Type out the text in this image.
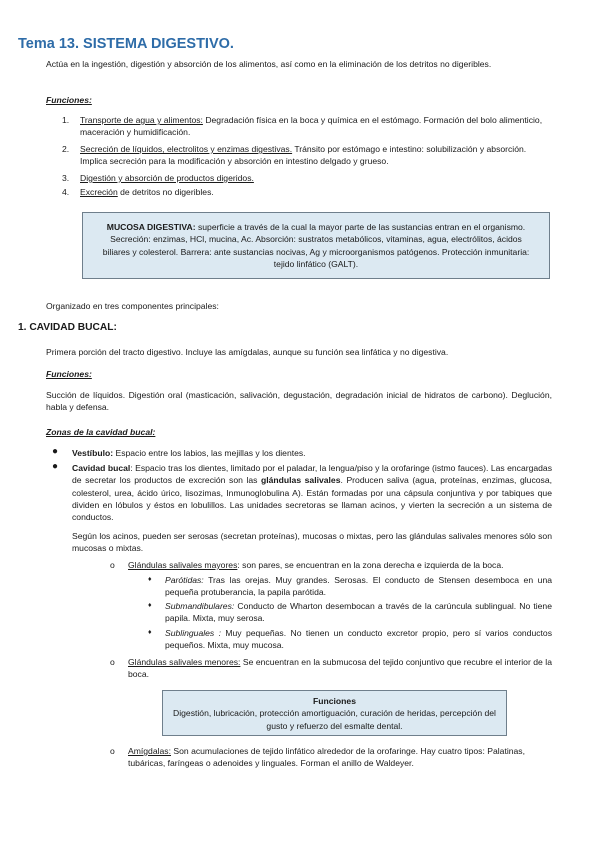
Tema 13. SISTEMA DIGESTIVO.
Actúa en la ingestión, digestión y absorción de los alimentos, así como en la eliminación de los detritos no digeribles.
Funciones:
1. Transporte de agua y alimentos: Degradación física en la boca y química en el estómago. Formación del bolo alimenticio, maceración y humidificación.
2. Secreción de líquidos, electrolitos y enzimas digestivas. Tránsito por estómago e intestino: solubilización y absorción. Implica secreción para la modificación y absorción en intestino delgado y grueso.
3. Digestión y absorción de productos digeridos.
4. Excreción de detritos no digeribles.
MUCOSA DIGESTIVA: superficie a través de la cual la mayor parte de las sustancias entran en el organismo. Secreción: enzimas, HCl, mucina, Ac. Absorción: sustratos metabólicos, vitaminas, agua, electrólitos, ácidos biliares y colesterol. Barrera: ante sustancias nocivas, Ag y microorganismos patógenos. Protección inmunitaria: tejido linfático (GALT).
Organizado en tres componentes principales:
1. CAVIDAD BUCAL:
Primera porción del tracto digestivo. Incluye las amígdalas, aunque su función sea linfática y no digestiva.
Funciones:
Succión de líquidos. Digestión oral (masticación, salivación, degustación, degradación inicial de hidratos de carbono). Deglución, habla y defensa.
Zonas de la cavidad bucal:
● Vestíbulo: Espacio entre los labios, las mejillas y los dientes.
● Cavidad bucal: Espacio tras los dientes, limitado por el paladar, la lengua/piso y la orofaringe (istmo fauces). Las encargadas de secretar los productos de excreción son las glándulas salivales. Producen saliva (agua, proteínas, enzimas, glucosa, colesterol, urea, ácido úrico, lisozimas, Inmunoglobulina A). Están formadas por una cápsula conjuntiva y por tabiques que dividen en lóbulos y éstos en lobulillos. Las unidades secretoras se llaman acinos, y vierten la secreción a un sistema de conductos.
Según los acinos, pueden ser serosas (secretan proteínas), mucosas o mixtas, pero las glándulas salivales menores sólo son mucosas o mixtas.
o Glándulas salivales mayores: son pares, se encuentran en la zona derecha e izquierda de la boca.
♦ Parótidas: Tras las orejas. Muy grandes. Serosas. El conducto de Stensen desemboca en una pequeña protuberancia, la papila parótida.
♦ Submandibulares: Conducto de Wharton desembocan a través de la carúncula sublingual. No tiene papila. Mixta, muy serosa.
♦ Sublinguales : Muy pequeñas. No tienen un conducto excretor propio, pero sí varios conductos pequeños. Mixta, muy mucosa.
o Glándulas salivales menores: Se encuentran en la submucosa del tejido conjuntivo que recubre el interior de la boca.
Funciones
Digestión, lubricación, protección amortiguación, curación de heridas, percepción del gusto y refuerzo del esmalte dental.
o Amígdalas: Son acumulaciones de tejido linfático alrededor de la orofaringe. Hay cuatro tipos: Palatinas, tubáricas, faríngeas o adenoides y linguales. Forman el anillo de Waldeyer.
